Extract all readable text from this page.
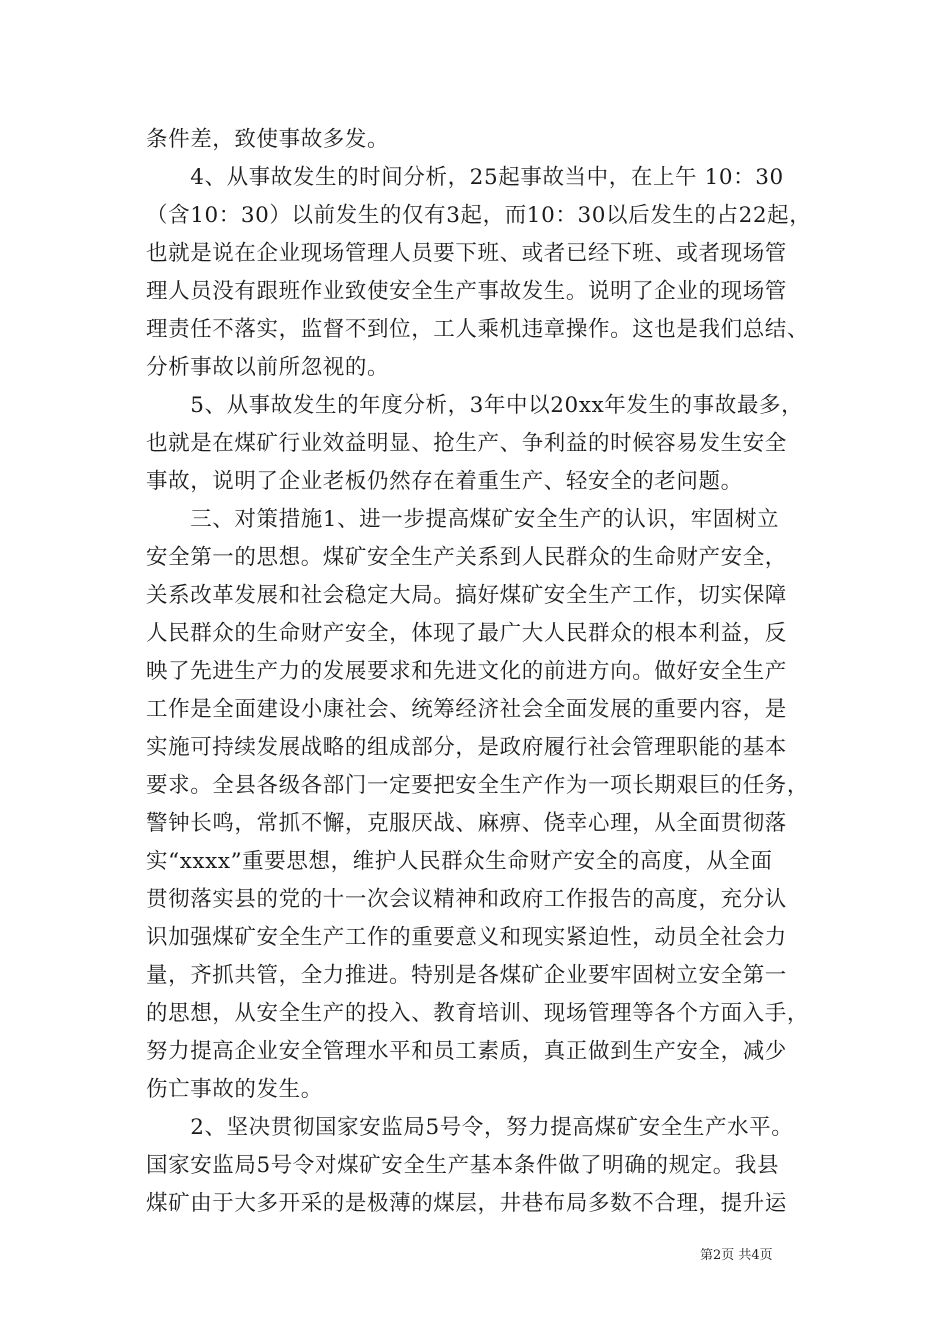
条件差，致使事故多发。
　　4、从事故发生的时间分析，25起事故当中，在上午 10：30
（含10：30）以前发生的仅有3起，而10：30以后发生的占22起，
也就是说在企业现场管理人员要下班、或者已经下班、或者现场管
理人员没有跟班作业致使安全生产事故发生。说明了企业的现场管
理责任不落实，监督不到位，工人乘机违章操作。这也是我们总结、
分析事故以前所忽视的。
　　5、从事故发生的年度分析，3年中以20xx年发生的事故最多，
也就是在煤矿行业效益明显、抢生产、争利益的时候容易发生安全
事故，说明了企业老板仍然存在着重生产、轻安全的老问题。
　　三、对策措施1、进一步提高煤矿安全生产的认识，牢固树立
安全第一的思想。煤矿安全生产关系到人民群众的生命财产安全，
关系改革发展和社会稳定大局。搞好煤矿安全生产工作，切实保障
人民群众的生命财产安全，体现了最广大人民群众的根本利益，反
映了先进生产力的发展要求和先进文化的前进方向。做好安全生产
工作是全面建设小康社会、统筹经济社会全面发展的重要内容，是
实施可持续发展战略的组成部分，是政府履行社会管理职能的基本
要求。全县各级各部门一定要把安全生产作为一项长期艰巨的任务，
警钟长鸣，常抓不懈，克服厌战、麻痹、侥幸心理，从全面贯彻落
实“xxxx”重要思想，维护人民群众生命财产安全的高度，从全面
贯彻落实县的党的十一次会议精神和政府工作报告的高度，充分认
识加强煤矿安全生产工作的重要意义和现实紧迫性，动员全社会力
量，齐抓共管，全力推进。特别是各煤矿企业要牢固树立安全第一
的思想，从安全生产的投入、教育培训、现场管理等各个方面入手，
努力提高企业安全管理水平和员工素质，真正做到生产安全，减少
伤亡事故的发生。
　　2、坚决贯彻国家安监局5号令，努力提高煤矿安全生产水平。
国家安监局5号令对煤矿安全生产基本条件做了明确的规定。我县
煤矿由于大多开采的是极薄的煤层，井巷布局多数不合理，提升运
第2页 共4页
